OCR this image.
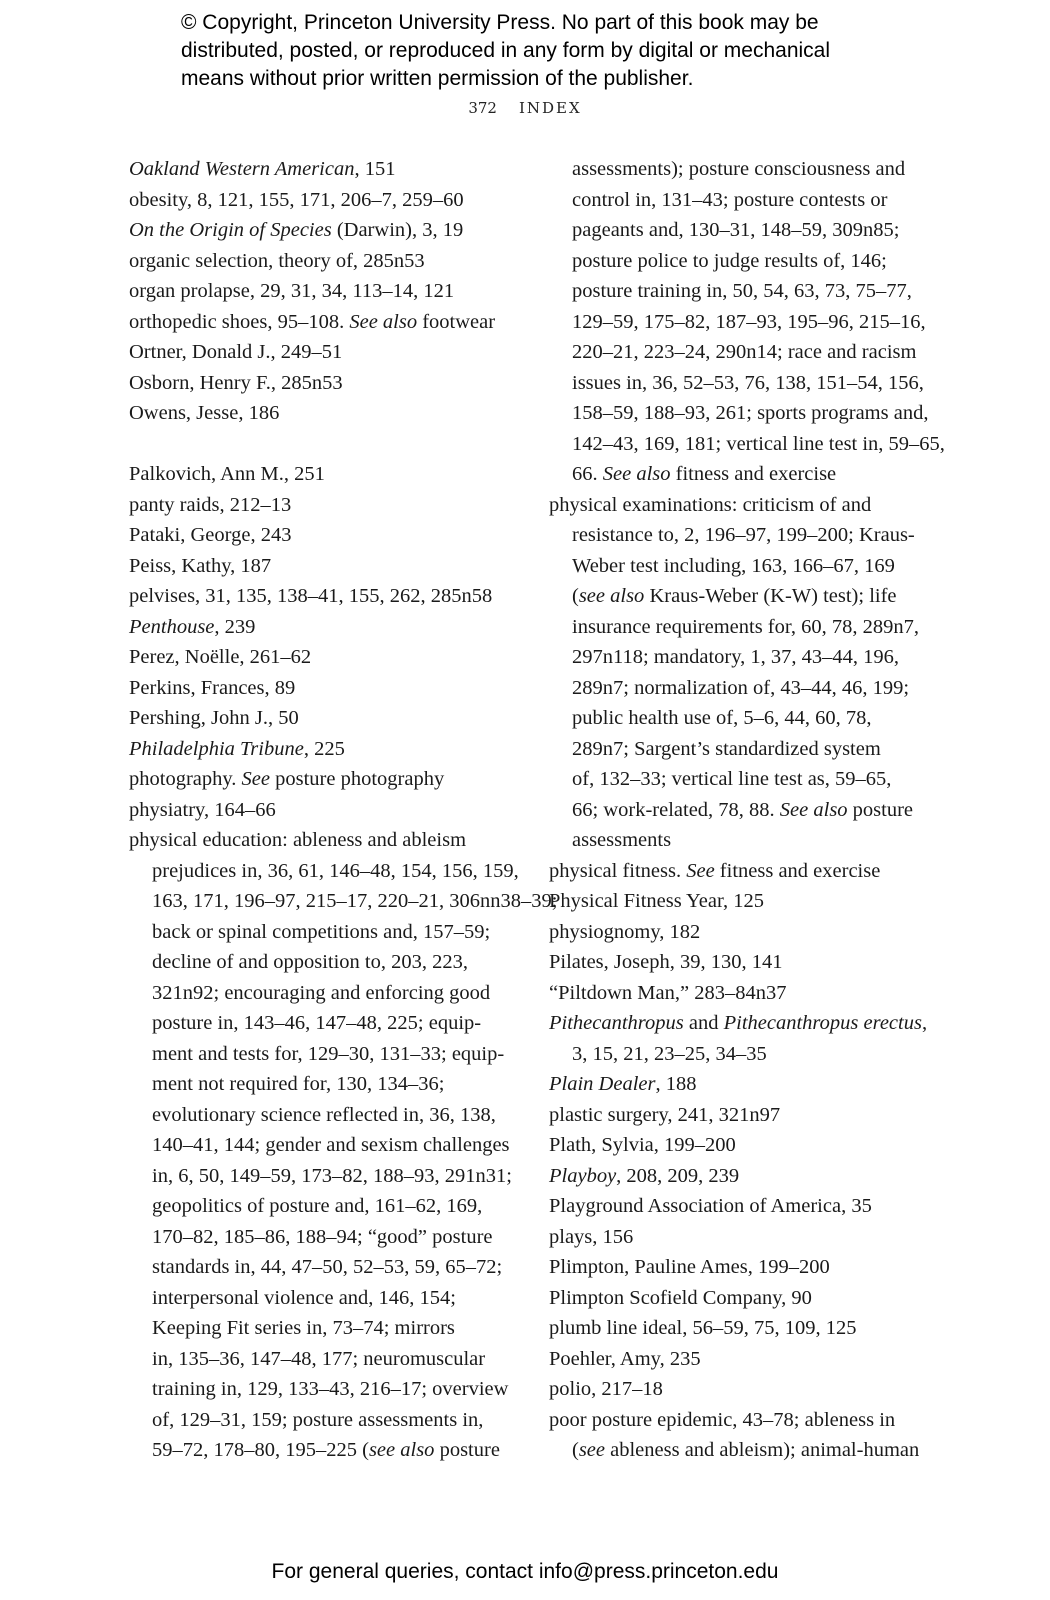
© Copyright, Princeton University Press. No part of this book may be
distributed, posted, or reproduced in any form by digital or mechanical
means without prior written permission of the publisher.
372 INDEX

Oakland Western American, 151

obesity, 8, 121, 155, 171, 206–7, 259–60

On the Origin of Species (Darwin), 3, 19

organic selection, theory of, 285n53

organ prolapse, 29, 31, 34, 113–14, 121

orthopedic shoes, 95–108. See also footwear

Ortner, Donald J., 249–51

Osborn, Henry F., 285n53

Owens, Jesse, 186

Palkovich, Ann M., 251

panty raids, 212–13

Pataki, George, 243

Peiss, Kathy, 187

pelvises, 31, 135, 138–41, 155, 262, 285n58

Penthouse, 239

Perez, Noëlle, 261–62

Perkins, Frances, 89

Pershing, John J., 50

Philadelphia Tribune, 225

photography. See posture photography

physiatry, 164–66

physical education: ableness and ableism

prejudices in, 36, 61, 146–48, 154, 156, 159,

163, 171, 196–97, 215–17, 220–21, 306nn38–39;

back or spinal competitions and, 157–59;

decline of and opposition to, 203, 223,

321n92; encouraging and enforcing good

posture in, 143–46, 147–48, 225; equip-

ment and tests for, 129–30, 131–33; equip-

ment not required for, 130, 134–36;

evolutionary science reflected in, 36, 138,

140–41, 144; gender and sexism challenges

in, 6, 50, 149–59, 173–82, 188–93, 291n31;

geopolitics of posture and, 161–62, 169,

170–82, 185–86, 188–94; “good” posture

standards in, 44, 47–50, 52–53, 59, 65–72;

interpersonal violence and, 146, 154;

Keeping Fit series in, 73–74; mirrors

in, 135–36, 147–48, 177; neuromuscular

training in, 129, 133–43, 216–17; overview

of, 129–31, 159; posture assessments in,

59–72, 178–80, 195–225 (see also posture

assessments); posture consciousness and

control in, 131–43; posture contests or

pageants and, 130–31, 148–59, 309n85;

posture police to judge results of, 146;

posture training in, 50, 54, 63, 73, 75–77,

129–59, 175–82, 187–93, 195–96, 215–16,

220–21, 223–24, 290n14; race and racism

issues in, 36, 52–53, 76, 138, 151–54, 156,

158–59, 188–93, 261; sports programs and,

142–43, 169, 181; vertical line test in, 59–65,

66. See also fitness and exercise

physical examinations: criticism of and

resistance to, 2, 196–97, 199–200; Kraus-

Weber test including, 163, 166–67, 169

(see also Kraus-Weber (K-W) test); life

insurance requirements for, 60, 78, 289n7,

297n118; mandatory, 1, 37, 43–44, 196,

289n7; normalization of, 43–44, 46, 199;

public health use of, 5–6, 44, 60, 78,

289n7; Sargent’s standardized system

of, 132–33; vertical line test as, 59–65,

66; work-related, 78, 88. See also posture

assessments

physical fitness. See fitness and exercise

Physical Fitness Year, 125

physiognomy, 182

Pilates, Joseph, 39, 130, 141

“Piltdown Man,” 283–84n37

Pithecanthropus and Pithecanthropus erectus,

3, 15, 21, 23–25, 34–35

Plain Dealer, 188

plastic surgery, 241, 321n97

Plath, Sylvia, 199–200

Playboy, 208, 209, 239

Playground Association of America, 35

plays, 156

Plimpton, Pauline Ames, 199–200

Plimpton Scofield Company, 90

plumb line ideal, 56–59, 75, 109, 125

Poehler, Amy, 235

polio, 217–18

poor posture epidemic, 43–78; ableness in

(see ableness and ableism); animal-human

For general queries, contact info@press.princeton.edu
